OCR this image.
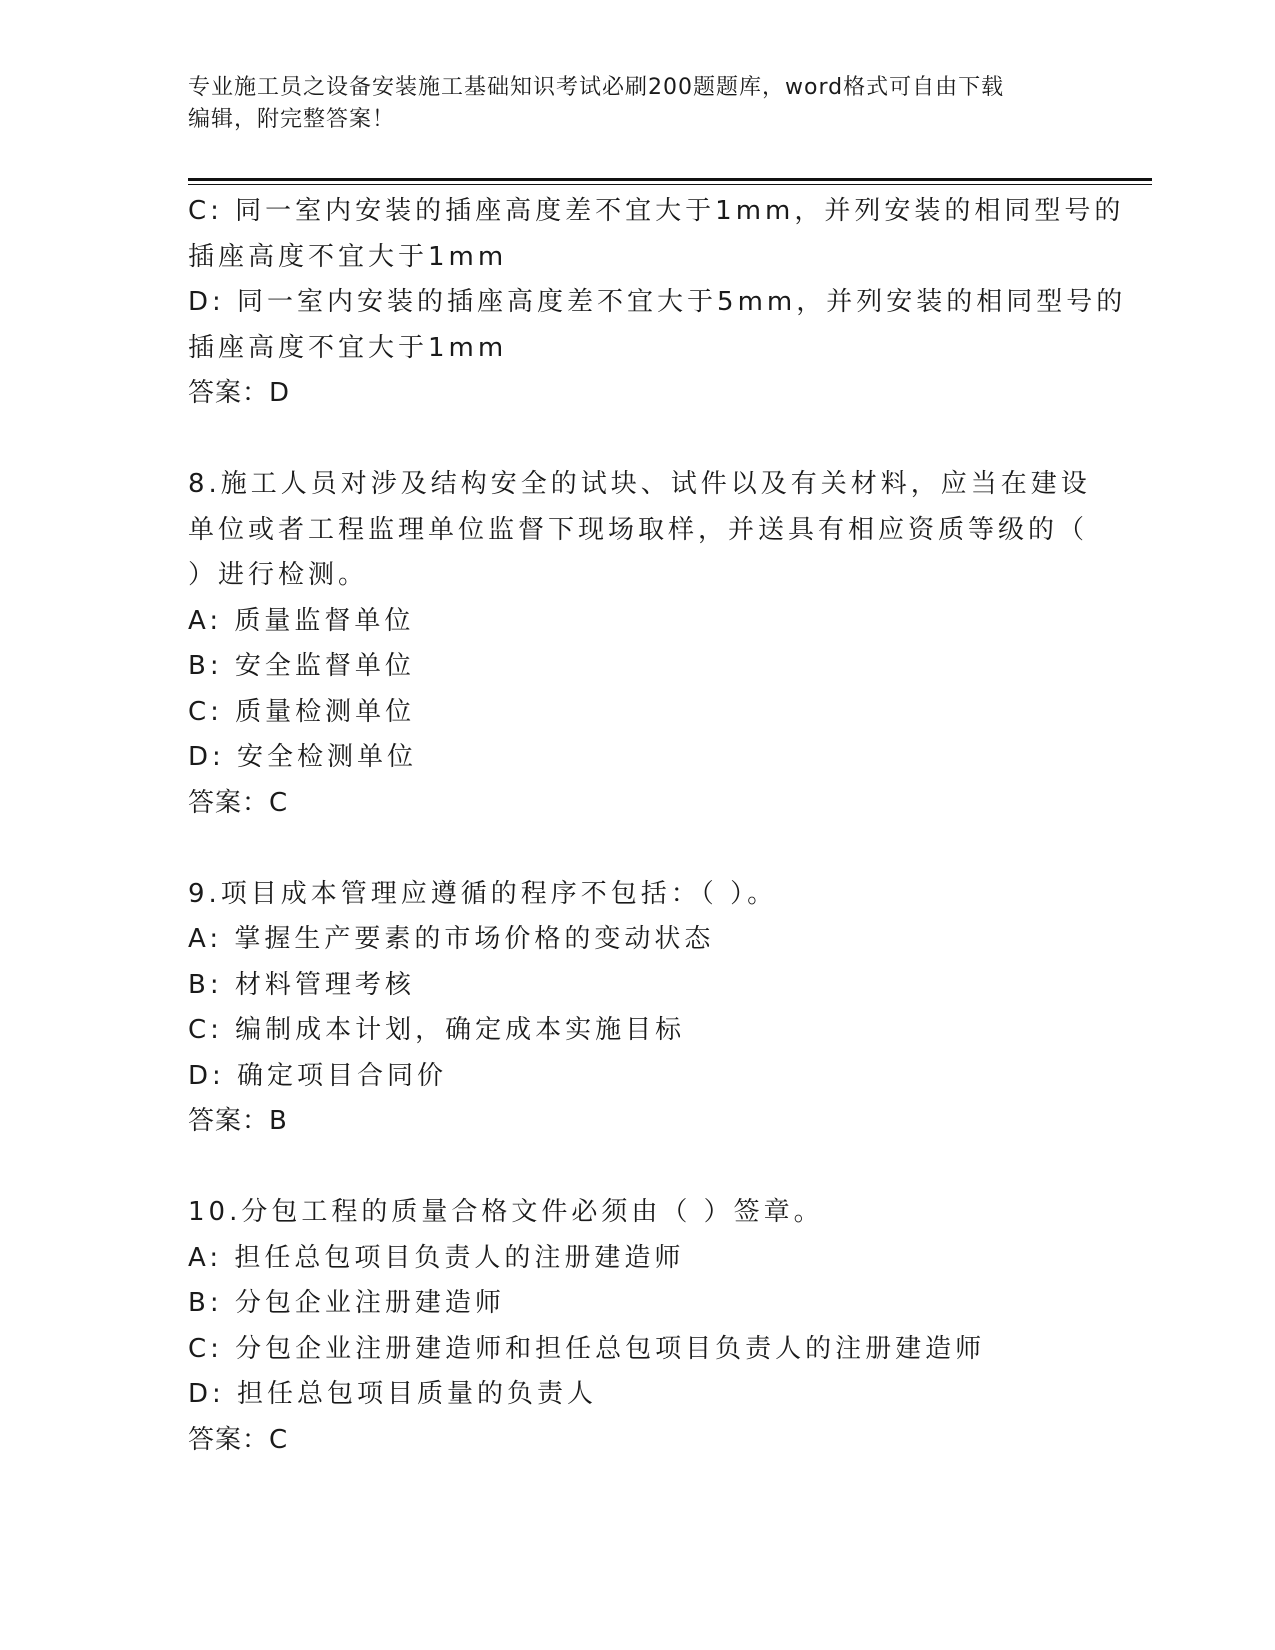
专业施工员之设备安装施工基础知识考试必刷200题题库，word格式可自由下载
编辑，附完整答案！
C: 同一室内安装的插座高度差不宜大于1mm，并列安装的相同型号的
插座高度不宜大于1mm
D: 同一室内安装的插座高度差不宜大于5mm，并列安装的相同型号的
插座高度不宜大于1mm
答案：D
8.施工人员对涉及结构安全的试块、试件以及有关材料，应当在建设
单位或者工程监理单位监督下现场取样，并送具有相应资质等级的（
）进行检测。
A: 质量监督单位
B: 安全监督单位
C: 质量检测单位
D: 安全检测单位
答案：C
9.项目成本管理应遵循的程序不包括：（ ）。
A: 掌握生产要素的市场价格的变动状态
B: 材料管理考核
C: 编制成本计划，确定成本实施目标
D: 确定项目合同价
答案：B
10.分包工程的质量合格文件必须由（ ）签章。
A: 担任总包项目负责人的注册建造师
B: 分包企业注册建造师
C: 分包企业注册建造师和担任总包项目负责人的注册建造师
D: 担任总包项目质量的负责人
答案：C
